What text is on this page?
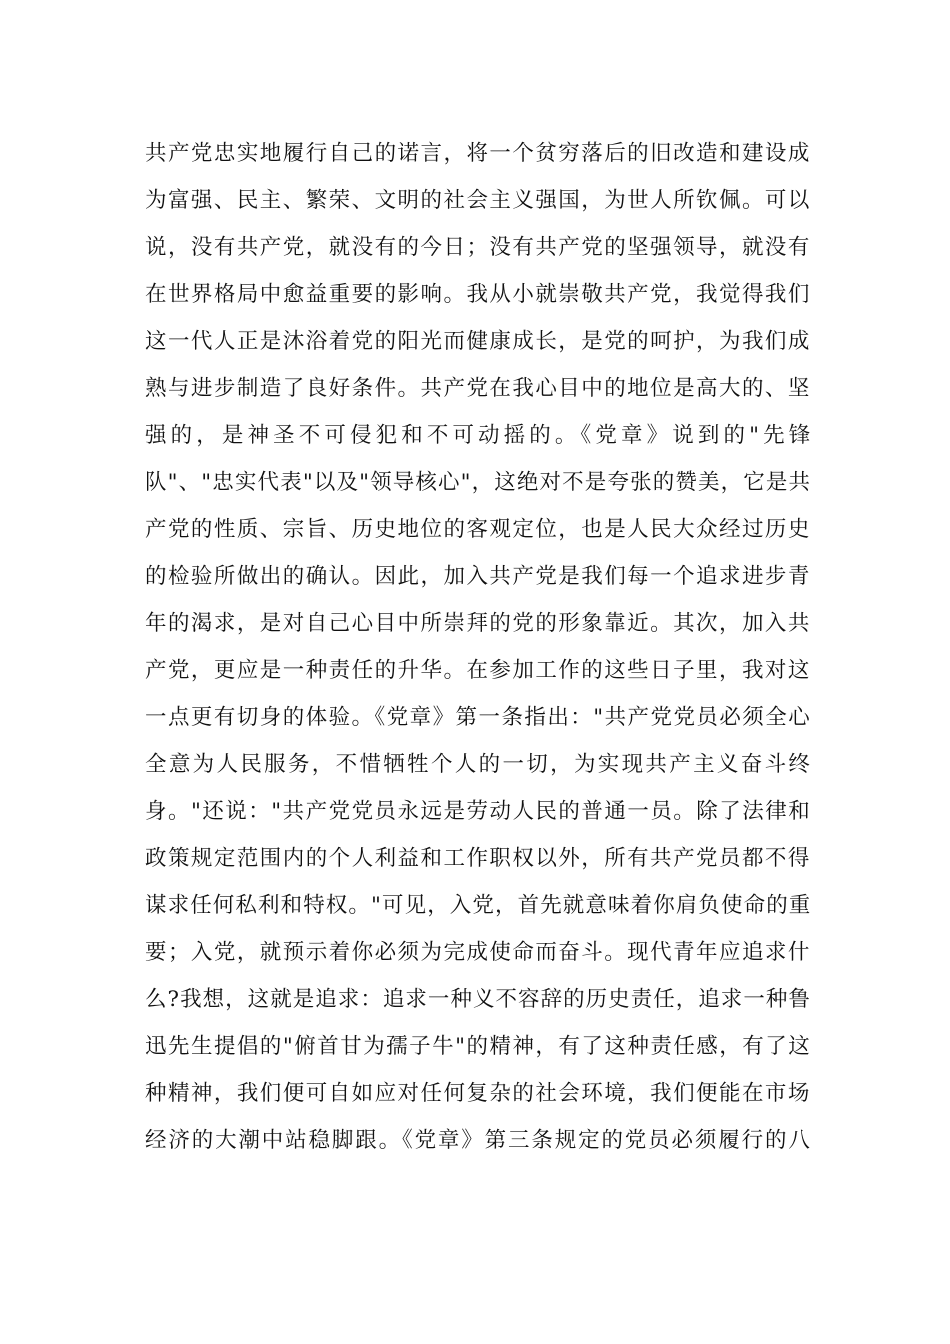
共产党忠实地履行自己的诺言，将一个贫穷落后的旧改造和建设成
为富强、民主、繁荣、文明的社会主义强国，为世人所钦佩。可以
说，没有共产党，就没有的今日；没有共产党的坚强领导，就没有
在世界格局中愈益重要的影响。我从小就崇敬共产党，我觉得我们
这一代人正是沐浴着党的阳光而健康成长，是党的呵护，为我们成
熟与进步制造了良好条件。共产党在我心目中的地位是高大的、坚
强的，是神圣不可侵犯和不可动摇的。《党章》说到的"先锋
队"、"忠实代表"以及"领导核心"，这绝对不是夸张的赞美，它是共
产党的性质、宗旨、历史地位的客观定位，也是人民大众经过历史
的检验所做出的确认。因此，加入共产党是我们每一个追求进步青
年的渴求，是对自己心目中所崇拜的党的形象靠近。其次，加入共
产党，更应是一种责任的升华。在参加工作的这些日子里，我对这
一点更有切身的体验。《党章》第一条指出："共产党党员必须全心
全意为人民服务，不惜牺牲个人的一切，为实现共产主义奋斗终
身。"还说："共产党党员永远是劳动人民的普通一员。除了法律和
政策规定范围内的个人利益和工作职权以外，所有共产党员都不得
谋求任何私利和特权。"可见，入党，首先就意味着你肩负使命的重
要；入党，就预示着你必须为完成使命而奋斗。现代青年应追求什
么?我想，这就是追求：追求一种义不容辞的历史责任，追求一种鲁
迅先生提倡的"俯首甘为孺子牛"的精神，有了这种责任感，有了这
种精神，我们便可自如应对任何复杂的社会环境，我们便能在市场
经济的大潮中站稳脚跟。《党章》第三条规定的党员必须履行的八
